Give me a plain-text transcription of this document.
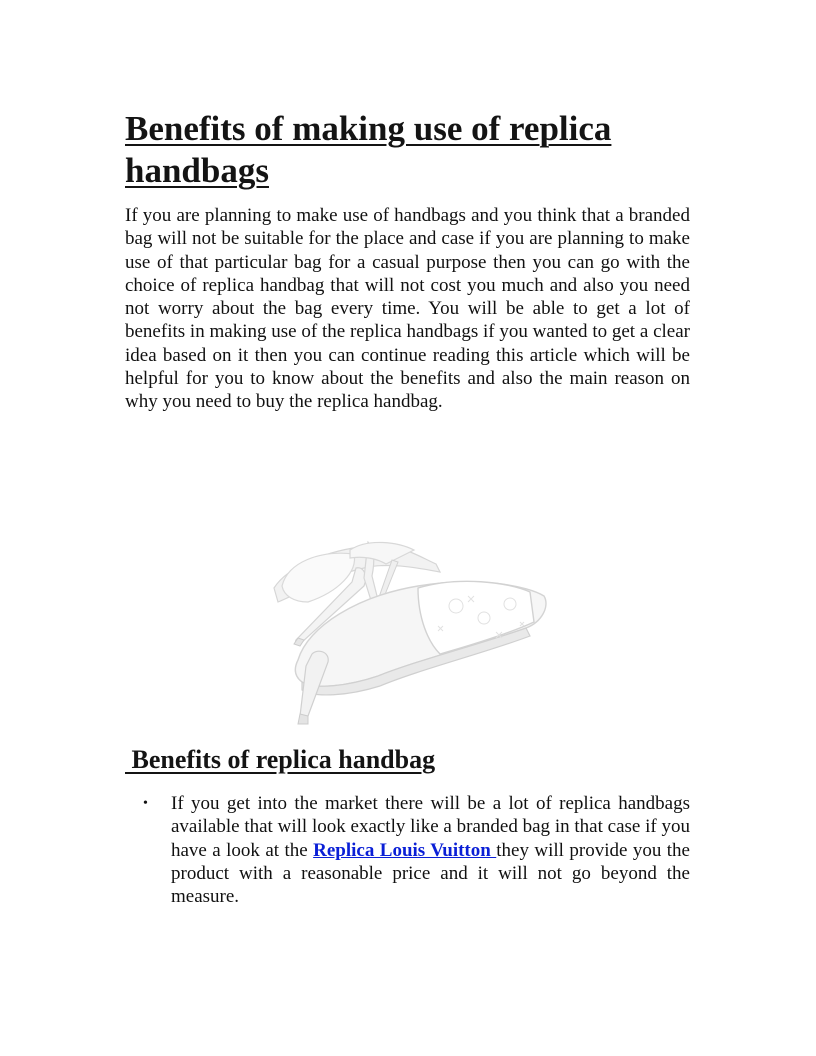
Benefits of making use of replica handbags

If you are planning to make use of handbags and you think that a branded bag will not be suitable for the place and case if you are planning to make use of that particular bag for a casual purpose then you can go with the choice of replica handbag that will not cost you much and also you need not worry about the bag every time. You will be able to get a lot of benefits in making use of the replica handbags if you wanted to get a clear idea based on it then you can continue reading this article which will be helpful for you to know about the benefits and also the main reason on why you need to buy the replica handbag.

Benefits of replica handbag
• If you get into the market there will be a lot of replica handbags available that will look exactly like a branded bag in that case if you have a look at the Replica Louis Vuitton they will provide you the product with a reasonable price and it will not go beyond the measure.
